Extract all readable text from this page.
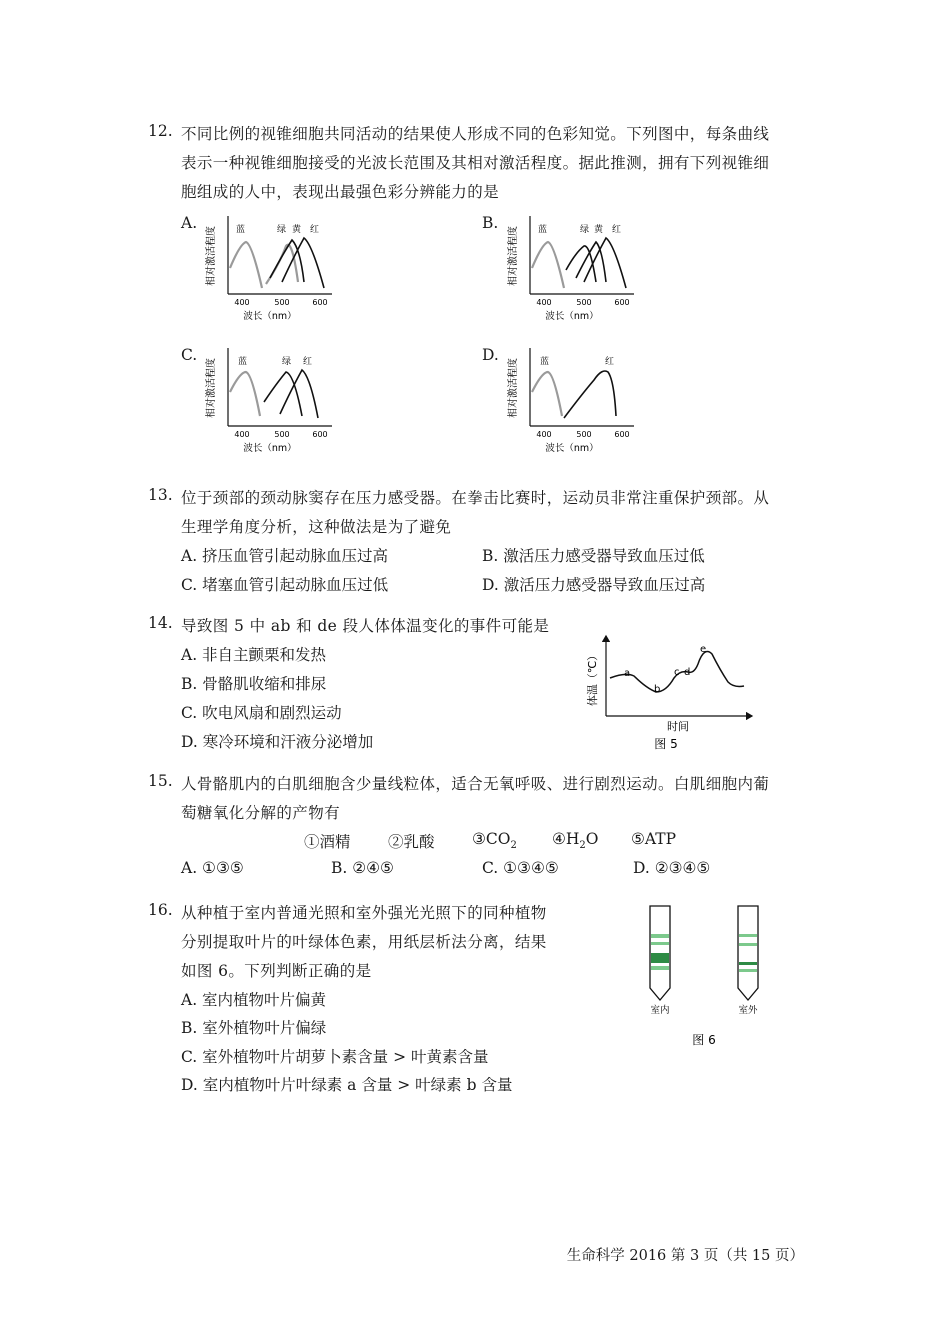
12. 不同比例的视锥细胞共同活动的结果使人形成不同的色彩知觉。下列图中，每条曲线
表示一种视锥细胞接受的光波长范围及其相对激活程度。据此推测，拥有下列视锥细
胞组成的人中，表现出最强色彩分辨能力的是
A.	B.
C.	D.
相对激活程度 蓝	绿 黄 红
400	500	600
波长（nm）
相对激活程度 蓝	绿 黄 红
400	500	600
波长（nm）
相对激活程度 蓝	绿 红
400	500	600
波长（nm）
相对激活程度 蓝	红
400	500	600
波长（nm）
13. 位于颈部的颈动脉窦存在压力感受器。在拳击比赛时，运动员非常注重保护颈部。从
生理学角度分析，这种做法是为了避免
A. 挤压血管引起动脉血压过高	B. 激活压力感受器导致血压过低
C. 堵塞血管引起动脉血压过低	D. 激活压力感受器导致血压过高
14. 导致图 5 中 ab 和 de 段人体体温变化的事件可能是
A. 非自主颤栗和发热
B. 骨骼肌收缩和排尿
C. 吹电风扇和剧烈运动
D. 寒冷环境和汗液分泌增加
体温（℃）	a
b
c d
e
时间
图 5
15. 人骨骼肌内的白肌细胞含少量线粒体，适合无氧呼吸、进行剧烈运动。白肌细胞内葡
萄糖氧化分解的产物有
①酒精 ②乳酸 $③CO_2$ $④H_2O$ ⑤ATP
A. ①③⑤	B. ②④⑤	C. ①③④⑤	D. ②③④⑤
16. 从种植于室内普通光照和室外强光光照下的同种植物
分别提取叶片的叶绿体色素，用纸层析法分离，结果
如图 6。下列判断正确的是
A. 室内植物叶片偏黄
B. 室外植物叶片偏绿
C. 室外植物叶片胡萝卜素含量 > 叶黄素含量
D. 室内植物叶片叶绿素 a 含量 > 叶绿素 b 含量
室内	室外
图 6
生命科学 2016 第 3 页（共 15 页）
